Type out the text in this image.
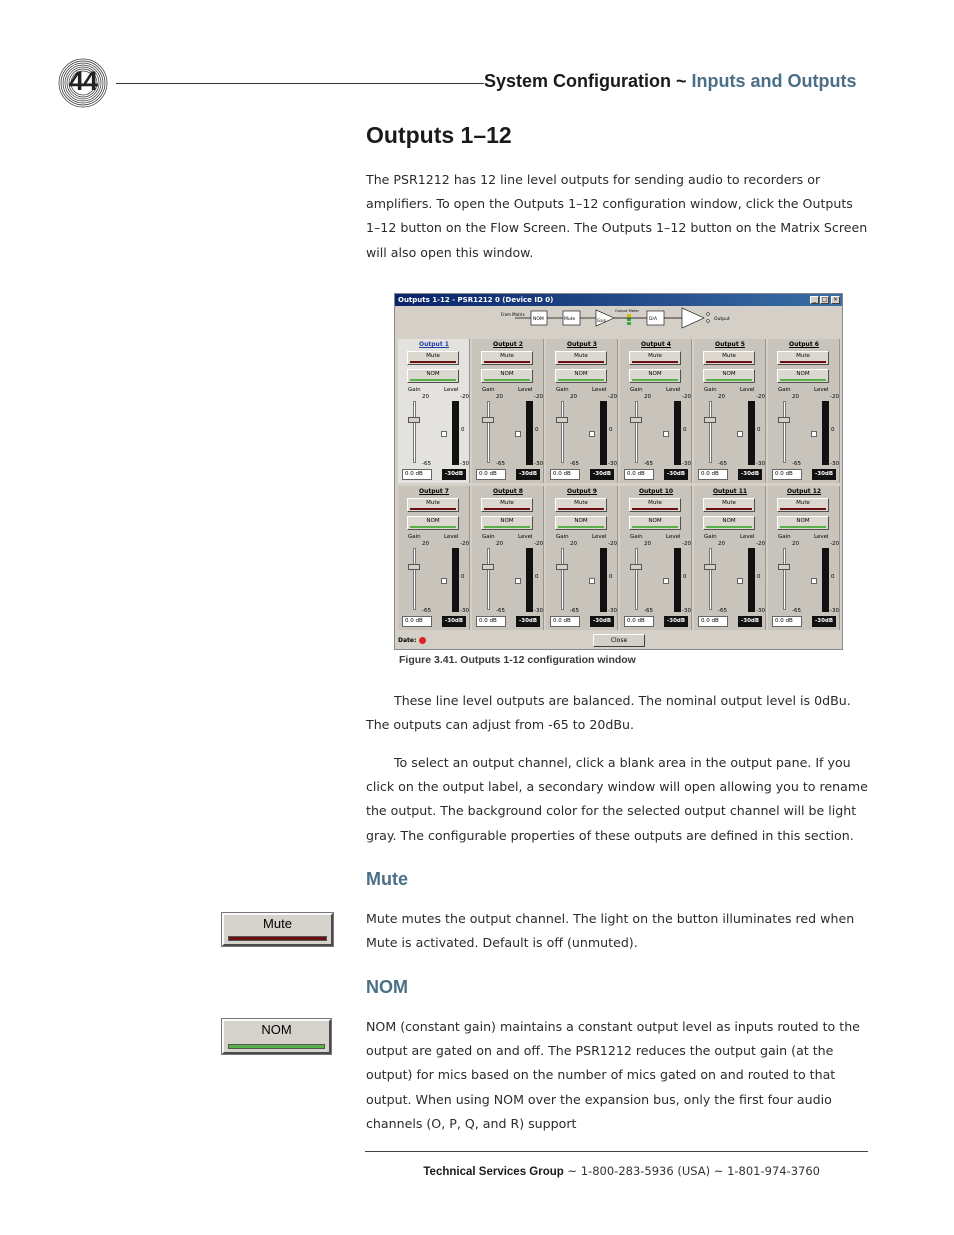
44	System Configuration ~ Inputs and Outputs
Outputs 1–12

The PSR1212 has 12 line level outputs for sending audio to recorders or amplifiers. To open the Outputs 1–12 configuration window, click the Outputs 1–12 button on the Flow Screen. The Outputs 1–12 button on the Matrix Screen will also open this window.

Outputs 1-12 - PSR1212 0 (Device ID 0)	_ □ ×
From Matrix
NOM	Mute	Gain
Output Meter
D/A	Output
Output 1
Mute
NOM
Gain	Level
20
-65
-20
0
-30
0.0 dB	-30dB
Output 2
Mute
NOM
Gain	Level
20
-65
-20
0
-30
0.0 dB	-30dB
Output 3
Mute
NOM
Gain	Level
20
-65
-20
0
-30
0.0 dB	-30dB
Output 4
Mute
NOM
Gain	Level
20
-65
-20
0
-30
0.0 dB	-30dB
Output 5
Mute
NOM
Gain	Level
20
-65
-20
0
-30
0.0 dB	-30dB
Output 6
Mute
NOM
Gain	Level
20
-65
-20
0
-30
0.0 dB	-30dB
Output 7
Mute
NOM
Gain	Level
20
-65
-20
0
-30
0.0 dB	-30dB
Output 8
Mute
NOM
Gain	Level
20
-65
-20
0
-30
0.0 dB	-30dB
Output 9
Mute
NOM
Gain	Level
20
-65
-20
0
-30
0.0 dB	-30dB
Output 10
Mute
NOM
Gain	Level
20
-65
-20
0
-30
0.0 dB	-30dB
Output 11
Mute
NOM
Gain	Level
20
-65
-20
0
-30
0.0 dB	-30dB
Output 12
Mute
NOM
Gain	Level
20
-65
-20
0
-30
0.0 dB	-30dB
Date:	Close
Figure 3.41. Outputs 1-12 configuration window

These line level outputs are balanced. The nominal output level is 0dBu. The outputs can adjust from -65 to 20dBu.

To select an output channel, click a blank area in the output pane. If you click on the output label, a secondary window will open allowing you to rename the output. The background color for the selected output channel will be light gray. The configurable properties of these outputs are defined in this section.

Mute
Mute	Mute mutes the output channel. The light on the button illuminates red when Mute is activated. Default is off (unmuted).

NOM
NOM	NOM (constant gain) maintains a constant output level as inputs routed to the output are gated on and off. The PSR1212 reduces the output gain (at the output) for mics based on the number of mics gated on and routed to that output. When using NOM over the expansion bus, only the first four audio channels (O, P, Q, and R) support

Technical Services Group ~ 1-800-283-5936 (USA) ~ 1-801-974-3760
